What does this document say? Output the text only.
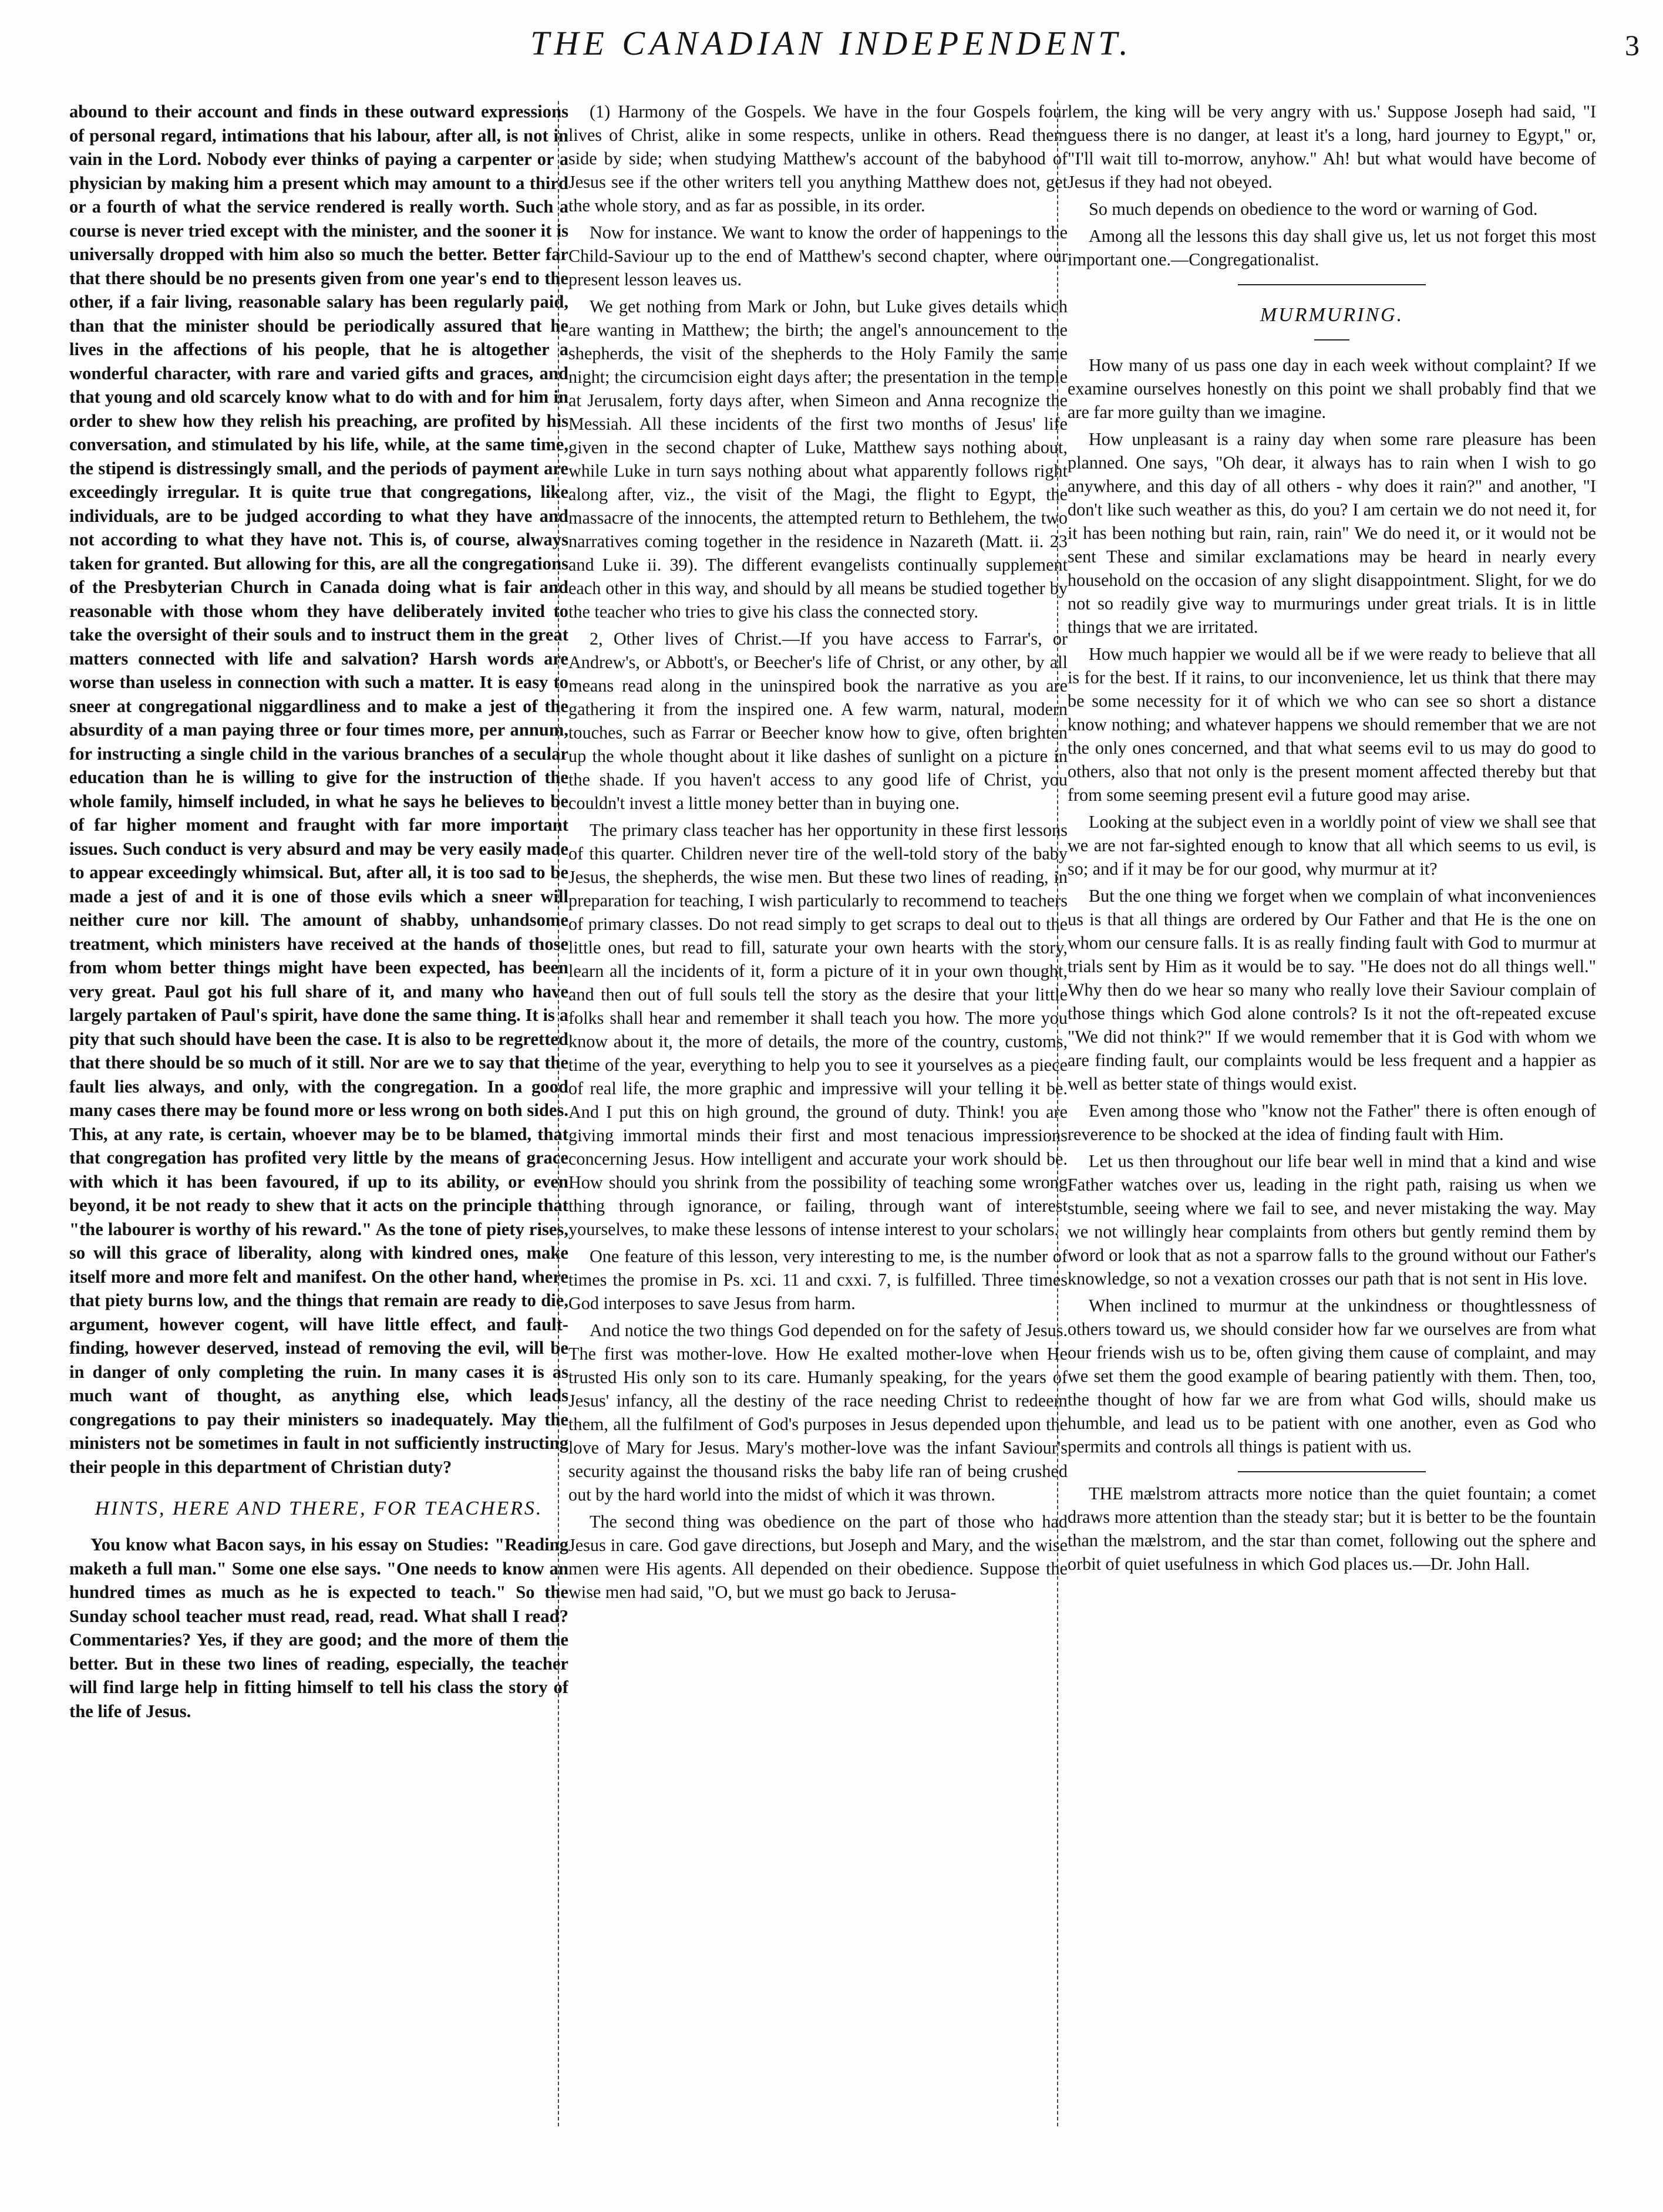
THE CANADIAN INDEPENDENT.	3

abound to their account and finds in these outward expressions of personal regard, intimations that his labour, after all, is not in vain in the Lord. Nobody ever thinks of paying a carpenter or a physician by making him a present which may amount to a third or a fourth of what the service rendered is really worth. Such a course is never tried except with the minister, and the sooner it is universally dropped with him also so much the better. Better far that there should be no presents given from one year's end to the other, if a fair living, reasonable salary has been regularly paid, than that the minister should be periodically assured that he lives in the affections of his people, that he is altogether a wonderful character, with rare and varied gifts and graces, and that young and old scarcely know what to do with and for him in order to shew how they relish his preaching, are profited by his conversation, and stimulated by his life, while, at the same time, the stipend is distressingly small, and the periods of payment are exceedingly irregular. It is quite true that congregations, like individuals, are to be judged according to what they have and not according to what they have not. This is, of course, always taken for granted. But allowing for this, are all the congregations of the Presbyterian Church in Canada doing what is fair and reasonable with those whom they have deliberately invited to take the oversight of their souls and to instruct them in the great matters connected with life and salvation? Harsh words are worse than useless in connection with such a matter. It is easy to sneer at congregational niggardliness and to make a jest of the absurdity of a man paying three or four times more, per annum, for instructing a single child in the various branches of a secular education than he is willing to give for the instruction of the whole family, himself included, in what he says he believes to be of far higher moment and fraught with far more important issues. Such conduct is very absurd and may be very easily made to appear exceedingly whimsical. But, after all, it is too sad to be made a jest of and it is one of those evils which a sneer will neither cure nor kill. The amount of shabby, unhandsome treatment, which ministers have received at the hands of those from whom better things might have been expected, has been very great. Paul got his full share of it, and many who have largely partaken of Paul's spirit, have done the same thing. It is a pity that such should have been the case. It is also to be regretted that there should be so much of it still. Nor are we to say that the fault lies always, and only, with the congregation. In a good many cases there may be found more or less wrong on both sides. This, at any rate, is certain, whoever may be to be blamed, that that congregation has profited very little by the means of grace with which it has been favoured, if up to its ability, or even beyond, it be not ready to shew that it acts on the principle that "the labourer is worthy of his reward." As the tone of piety rises, so will this grace of liberality, along with kindred ones, make itself more and more felt and manifest. On the other hand, where that piety burns low, and the things that remain are ready to die, argument, however cogent, will have little effect, and fault-finding, however deserved, instead of removing the evil, will be in danger of only completing the ruin. In many cases it is as much want of thought, as anything else, which leads congregations to pay their ministers so inadequately. May the ministers not be sometimes in fault in not sufficiently instructing their people in this department of Christian duty?

HINTS, HERE AND THERE, FOR TEACHERS.

You know what Bacon says, in his essay on Studies: "Reading maketh a full man." Some one else says. "One needs to know an hundred times as much as he is expected to teach." So the Sunday school teacher must read, read, read. What shall I read? Commentaries? Yes, if they are good; and the more of them the better. But in these two lines of reading, especially, the teacher will find large help in fitting himself to tell his class the story of the life of Jesus.

(1) Harmony of the Gospels. We have in the four Gospels four lives of Christ, alike in some respects, unlike in others. Read them side by side; when studying Matthew's account of the babyhood of Jesus see if the other writers tell you anything Matthew does not, get the whole story, and as far as possible, in its order.

Now for instance. We want to know the order of happenings to the Child-Saviour up to the end of Matthew's second chapter, where our present lesson leaves us.

We get nothing from Mark or John, but Luke gives details which are wanting in Matthew; the birth; the angel's announcement to the shepherds, the visit of the shepherds to the Holy Family the same night; the circumcision eight days after; the presentation in the temple at Jerusalem, forty days after, when Simeon and Anna recognize the Messiah. All these incidents of the first two months of Jesus' life given in the second chapter of Luke, Matthew says nothing about, while Luke in turn says nothing about what apparently follows right along after, viz., the visit of the Magi, the flight to Egypt, the massacre of the innocents, the attempted return to Bethlehem, the two narratives coming together in the residence in Nazareth (Matt. ii. 23 and Luke ii. 39). The different evangelists continually supplement each other in this way, and should by all means be studied together by the teacher who tries to give his class the connected story.

2, Other lives of Christ.—If you have access to Farrar's, or Andrew's, or Abbott's, or Beecher's life of Christ, or any other, by all means read along in the uninspired book the narrative as you are gathering it from the inspired one. A few warm, natural, modern touches, such as Farrar or Beecher know how to give, often brighten up the whole thought about it like dashes of sunlight on a picture in the shade. If you haven't access to any good life of Christ, you couldn't invest a little money better than in buying one.

The primary class teacher has her opportunity in these first lessons of this quarter. Children never tire of the well-told story of the baby Jesus, the shepherds, the wise men. But these two lines of reading, in preparation for teaching, I wish particularly to recommend to teachers of primary classes. Do not read simply to get scraps to deal out to the little ones, but read to fill, saturate your own hearts with the story, learn all the incidents of it, form a picture of it in your own thought, and then out of full souls tell the story as the desire that your little folks shall hear and remember it shall teach you how. The more you know about it, the more of details, the more of the country, customs, time of the year, everything to help you to see it yourselves as a piece of real life, the more graphic and impressive will your telling it be. And I put this on high ground, the ground of duty. Think! you are giving immortal minds their first and most tenacious impressions concerning Jesus. How intelligent and accurate your work should be. How should you shrink from the possibility of teaching some wrong thing through ignorance, or failing, through want of interest yourselves, to make these lessons of intense interest to your scholars.

One feature of this lesson, very interesting to me, is the number of times the promise in Ps. xci. 11 and cxxi. 7, is fulfilled. Three times God interposes to save Jesus from harm.

And notice the two things God depended on for the safety of Jesus. The first was mother-love. How He exalted mother-love when He trusted His only son to its care. Humanly speaking, for the years of Jesus' infancy, all the destiny of the race needing Christ to redeem them, all the fulfilment of God's purposes in Jesus depended upon the love of Mary for Jesus. Mary's mother-love was the infant Saviour's security against the thousand risks the baby life ran of being crushed out by the hard world into the midst of which it was thrown.

The second thing was obedience on the part of those who had Jesus in care. God gave directions, but Joseph and Mary, and the wise men were His agents. All depended on their obedience. Suppose the wise men had said, "O, but we must go back to Jerusa-

lem, the king will be very angry with us.' Suppose Joseph had said, "I guess there is no danger, at least it's a long, hard journey to Egypt," or, "I'll wait till to-morrow, anyhow." Ah! but what would have become of Jesus if they had not obeyed.

So much depends on obedience to the word or warning of God.

Among all the lessons this day shall give us, let us not forget this most important one.—Congregationalist.

MURMURING.

How many of us pass one day in each week without complaint? If we examine ourselves honestly on this point we shall probably find that we are far more guilty than we imagine.

How unpleasant is a rainy day when some rare pleasure has been planned. One says, "Oh dear, it always has to rain when I wish to go anywhere, and this day of all others - why does it rain?" and another, "I don't like such weather as this, do you? I am certain we do not need it, for it has been nothing but rain, rain, rain" We do need it, or it would not be sent These and similar exclamations may be heard in nearly every household on the occasion of any slight disappointment. Slight, for we do not so readily give way to murmurings under great trials. It is in little things that we are irritated.

How much happier we would all be if we were ready to believe that all is for the best. If it rains, to our inconvenience, let us think that there may be some necessity for it of which we who can see so short a distance know nothing; and whatever happens we should remember that we are not the only ones concerned, and that what seems evil to us may do good to others, also that not only is the present moment affected thereby but that from some seeming present evil a future good may arise.

Looking at the subject even in a worldly point of view we shall see that we are not far-sighted enough to know that all which seems to us evil, is so; and if it may be for our good, why murmur at it?

But the one thing we forget when we complain of what inconveniences us is that all things are ordered by Our Father and that He is the one on whom our censure falls. It is as really finding fault with God to murmur at trials sent by Him as it would be to say. "He does not do all things well." Why then do we hear so many who really love their Saviour complain of those things which God alone controls? Is it not the oft-repeated excuse "We did not think?" If we would remember that it is God with whom we are finding fault, our complaints would be less frequent and a happier as well as better state of things would exist.

Even among those who "know not the Father" there is often enough of reverence to be shocked at the idea of finding fault with Him.

Let us then throughout our life bear well in mind that a kind and wise Father watches over us, leading in the right path, raising us when we stumble, seeing where we fail to see, and never mistaking the way. May we not willingly hear complaints from others but gently remind them by word or look that as not a sparrow falls to the ground without our Father's knowledge, so not a vexation crosses our path that is not sent in His love.

When inclined to murmur at the unkindness or thoughtlessness of others toward us, we should consider how far we ourselves are from what our friends wish us to be, often giving them cause of complaint, and may we set them the good example of bearing patiently with them. Then, too, the thought of how far we are from what God wills, should make us humble, and lead us to be patient with one another, even as God who permits and controls all things is patient with us.

THE mælstrom attracts more notice than the quiet fountain; a comet draws more attention than the steady star; but it is better to be the fountain than the mælstrom, and the star than comet, following out the sphere and orbit of quiet usefulness in which God places us.—Dr. John Hall.
